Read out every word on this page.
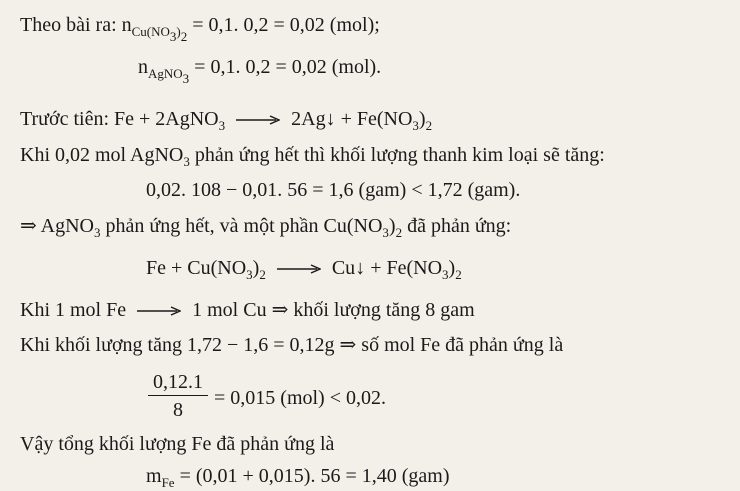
Theo bài ra: $n_{Cu(NO_3)_2} = 0,1$. 0,2 = 0,02 (mol);
$n_{AgNO_3} = 0,1$. 0,2 = 0,02 (mol).
Trước tiên: Fe + 2AgNO$_3$ → 2Ag↓ + $Fe(NO_3)_2$
Khi 0,02 mol AgNO$_3$ phản ứng hết thì khối lượng thanh kim loại sẽ tăng:
0,02. 108 − 0,01. 56 = 1,6 (gam) < 1,72 (gam).
⇒ AgNO$_3$ phản ứng hết, và một phần $Cu(NO_3)_2$ đã phản ứng:
$Fe + Cu(NO_3)_2$ → Cu↓ + $Fe(NO_3)_2$
Khi 1 mol Fe → 1 mol Cu ⇒ khối lượng tăng 8 gam
Khi khối lượng tăng 1,72 − 1,6 = 0,12g ⇒ số mol Fe đã phản ứng là
0,12.1
8
= 0,015 (mol) < 0,02.
Vậy tổng khối lượng Fe đã phản ứng là
$m_{Fe} = (0,01 + 0,015)$. 56 = 1,40 (gam)
